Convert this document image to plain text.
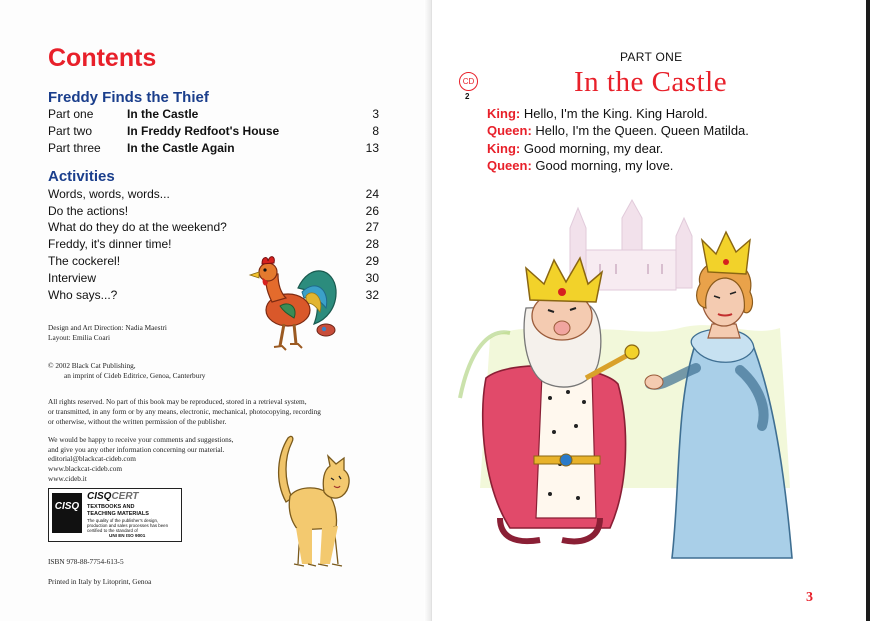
Contents
Freddy Finds the Thief
Part one	In the Castle	3
Part two	In Freddy Redfoot's House	8
Part three In the Castle Again	13
Activities
Words, words, words...	24
Do the actions!	26
What do they do at the weekend?	27
Freddy, it's dinner time!	28
The cockerel!	29
Interview	30
Who says...?	32
Design and Art Direction: Nadia Maestri
Layout: Emilia Coari
© 2002 Black Cat Publishing,
an imprint of Cideb Editrice, Genoa, Canterbury
All rights reserved. No part of this book may be reproduced, stored in a retrieval system,
or transmitted, in any form or by any means, electronic, mechanical, photocopying, recording
or otherwise, without the written permission of the publisher.
We would be happy to receive your comments and suggestions,
and give you any other information concerning our material.
editorial@blackcat-cideb.com
www.blackcat-cideb.com
www.cideb.it
CISQ
CISQCERT
TEXTBOOKS AND
TEACHING MATERIALS
The quality of the publisher's design, production and sales processes has been certified to the standard of
UNI EN ISO 9001
ISBN 978-88-7754-613-5
Printed in Italy by Litoprint, Genoa
PART ONE
In the Castle
CD
2
King: Hello, I'm the King. King Harold.
Queen: Hello, I'm the Queen. Queen Matilda.
King: Good morning, my dear.
Queen: Good morning, my love.
3
